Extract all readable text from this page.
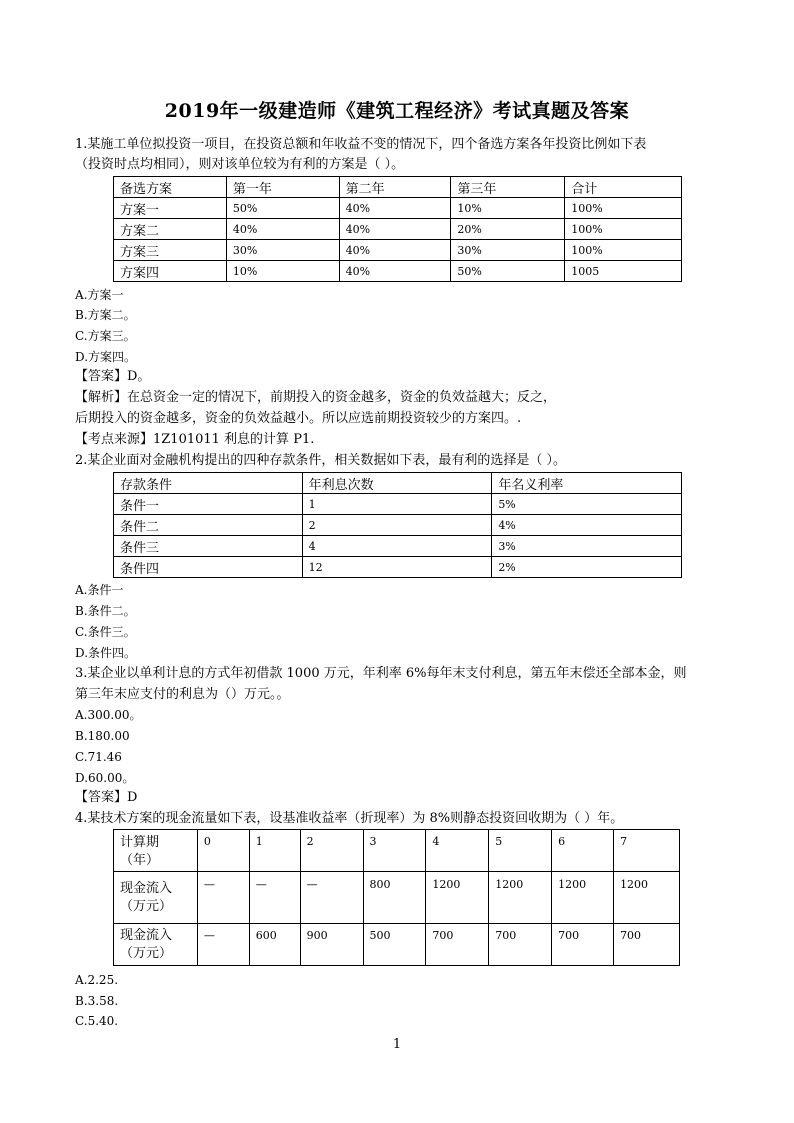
2019年一级建造师《建筑工程经济》考试真题及答案
1.某施工单位拟投资一项目，在投资总额和年收益不变的情况下，四个备选方案各年投资比例如下表
（投资时点均相同），则对该单位较为有利的方案是（ ）。
备选方案	第一年	第二年	第三年	合计
方案一	50%	40%	10%	100%
方案二	40%	40%	20%	100%
方案三	30%	40%	30%	100%
方案四	10%	40%	50%	1005
A.方案一
B.方案二。
C.方案三。
D.方案四。
【答案】D。
【解析】在总资金一定的情况下，前期投入的资金越多，资金的负效益越大；反之，
后期投入的资金越多，资金的负效益越小。所以应选前期投资较少的方案四。.
【考点来源】1Z101011 利息的计算 P1.
2.某企业面对金融机构提出的四种存款条件，相关数据如下表，最有利的选择是（ ）。
存款条件	年利息次数	年名义利率
条件一	1	5%
条件二	2	4%
条件三	4	3%
条件四	12	2%
A.条件一
B.条件二。
C.条件三。
D.条件四。
3.某企业以单利计息的方式年初借款 1000 万元，年利率 6%每年末支付利息，第五年末偿还全部本金，则
第三年末应支付的利息为（）万元。。
A.300.00。
B.180.00
C.71.46
D.60.00。
【答案】D
4.某技术方案的现金流量如下表，设基准收益率（折现率）为 8%则静态投资回收期为（ ）年。
计算期
（年）	0	1	2	3	4	5	6	7

现金流入
（万元）	—	—	—	800	1200	1200	1200	1200

现金流入
（万元）	—	600	900	500	700	700	700	700
A.2.25.
B.3.58.
C.5.40.
1
